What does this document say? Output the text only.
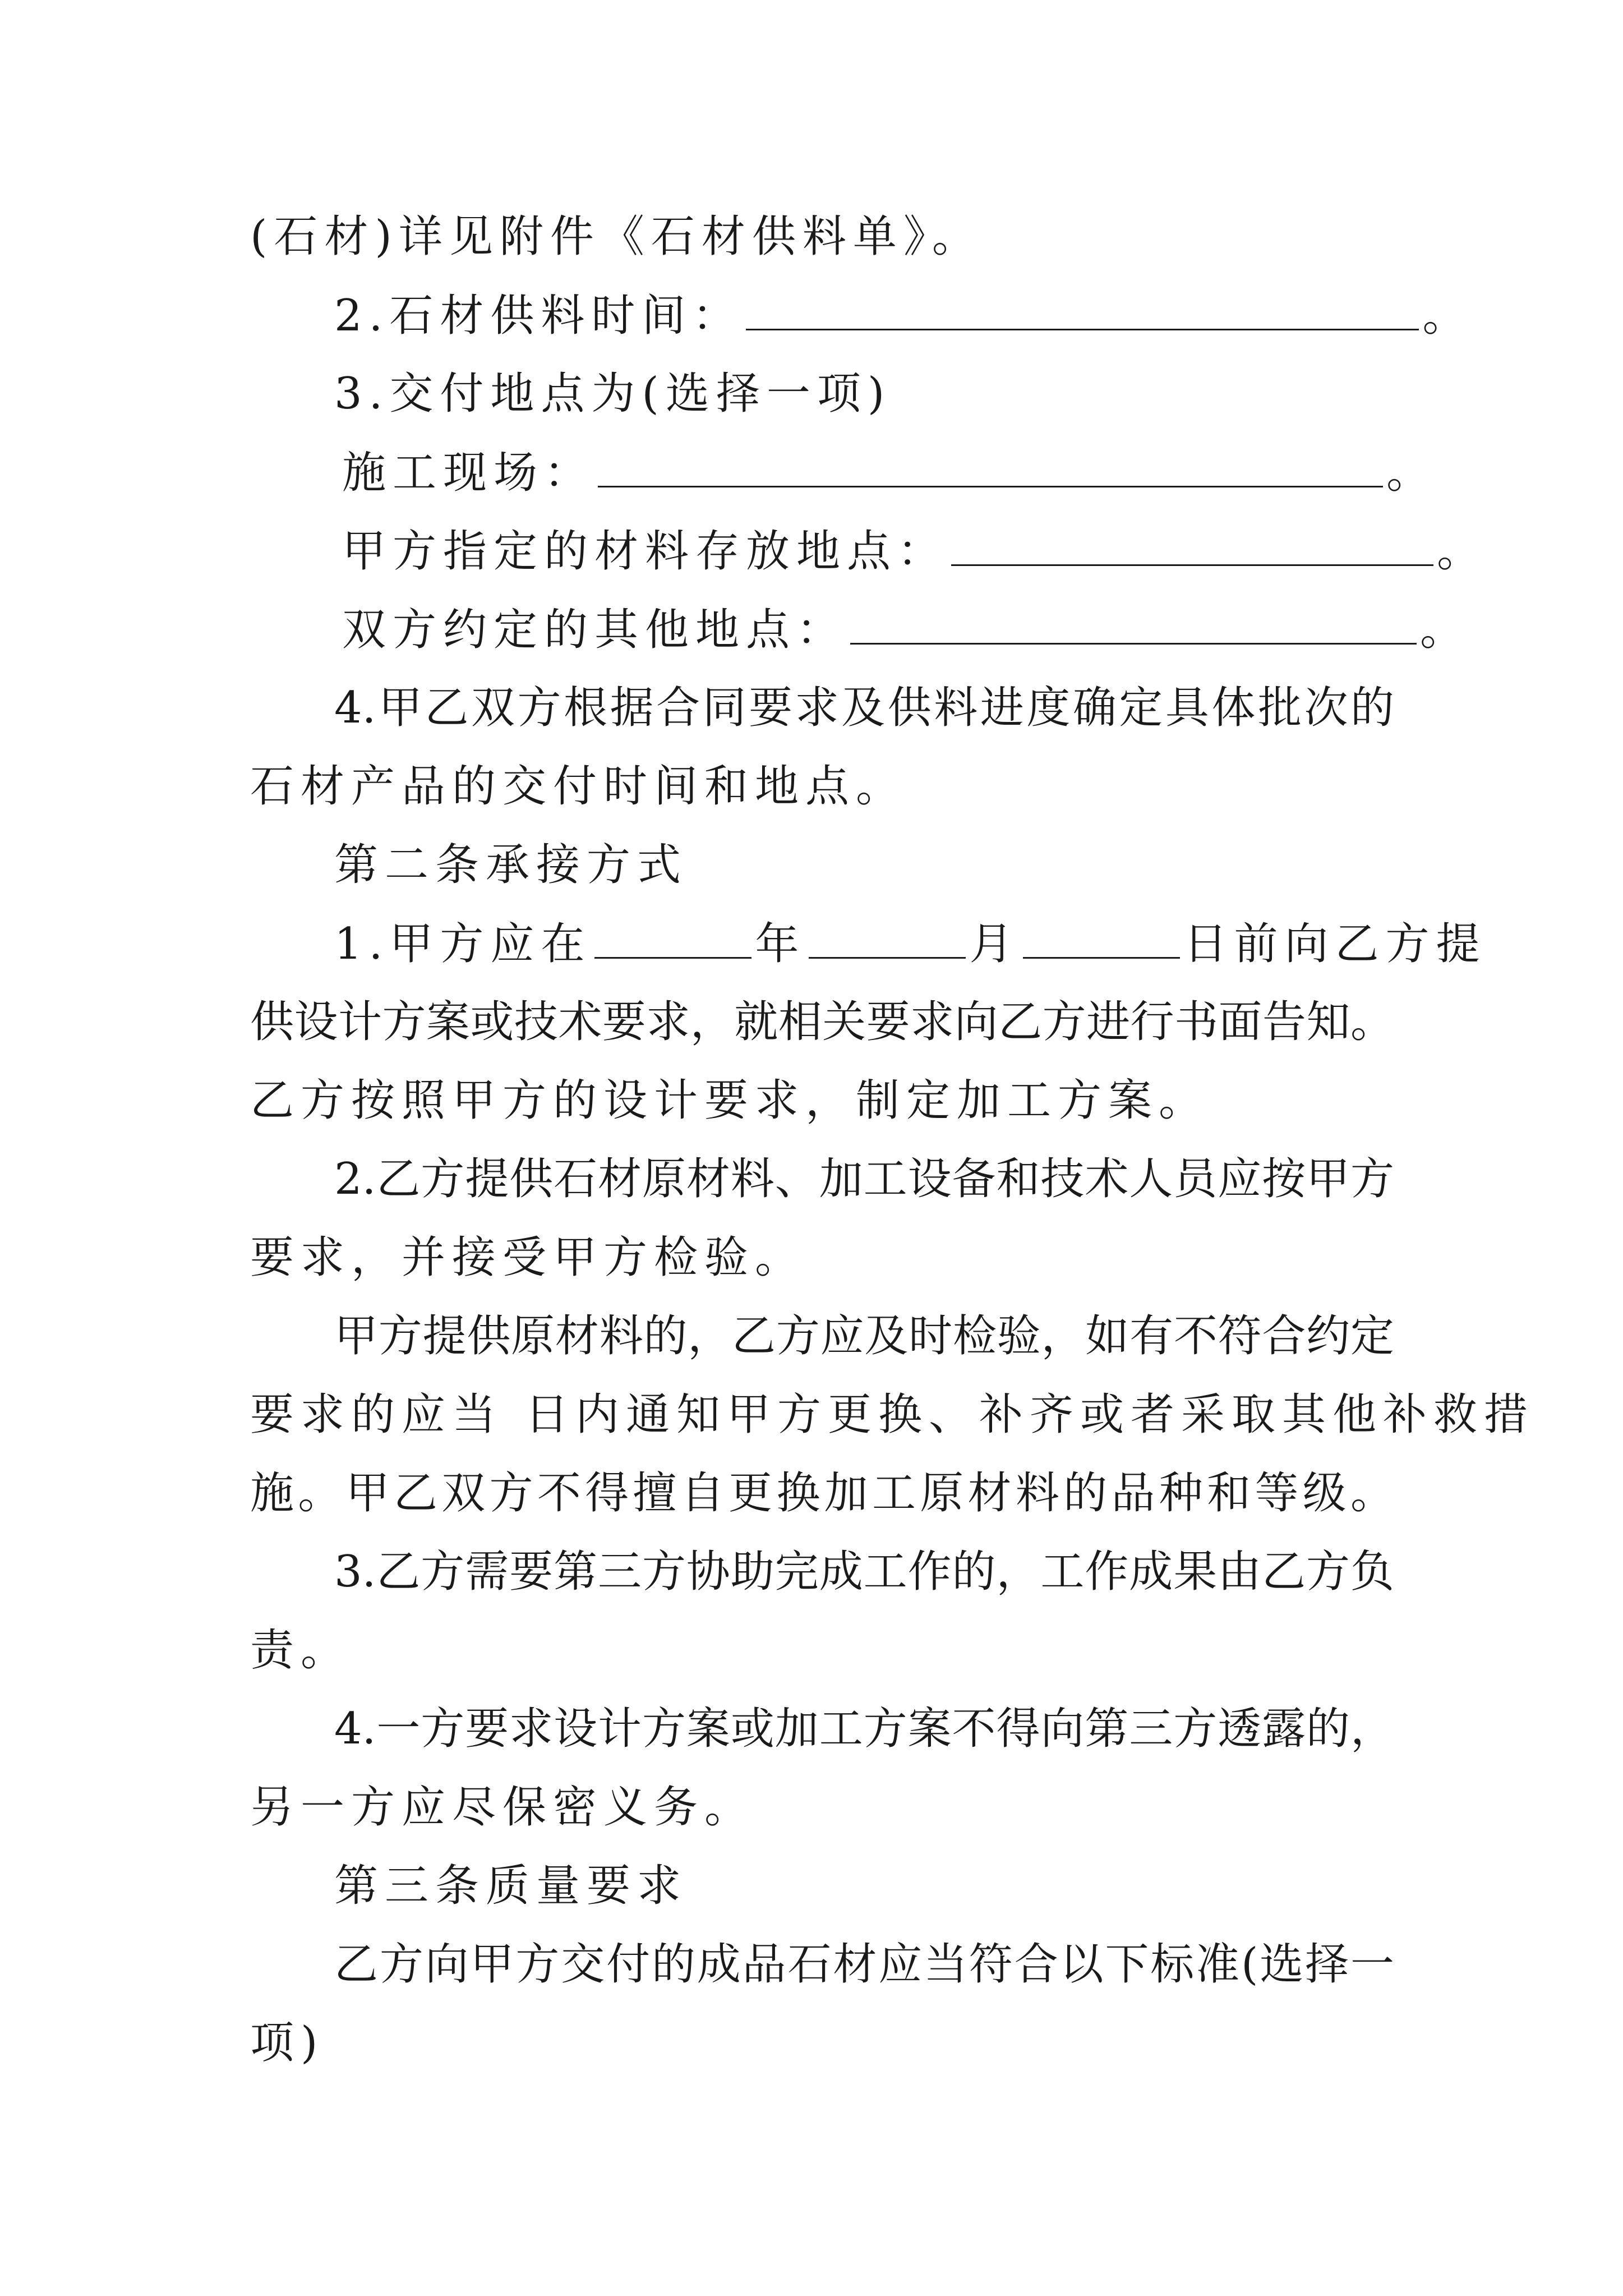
(石材)详见附件《石材供料单》。
2.石材供料时间：	。
3.交付地点为(选择一项)
施工现场：	。
甲方指定的材料存放地点：	。
双方约定的其他地点：	。
4.甲乙双方根据合同要求及供料进度确定具体批次的
石材产品的交付时间和地点。
第二条承接方式
1.甲方应在	年	月	日前向乙方提
供设计方案或技术要求，就相关要求向乙方进行书面告知。
乙方按照甲方的设计要求，制定加工方案。
2.乙方提供石材原材料、加工设备和技术人员应按甲方
要求，并接受甲方检验。
甲方提供原材料的，乙方应及时检验，如有不符合约定
要求的应当 日内通知甲方更换、补齐或者采取其他补救措
施。甲乙双方不得擅自更换加工原材料的品种和等级。
3.乙方需要第三方协助完成工作的，工作成果由乙方负
责。
4.一方要求设计方案或加工方案不得向第三方透露的，
另一方应尽保密义务。
第三条质量要求
乙方向甲方交付的成品石材应当符合以下标准(选择一
项)
